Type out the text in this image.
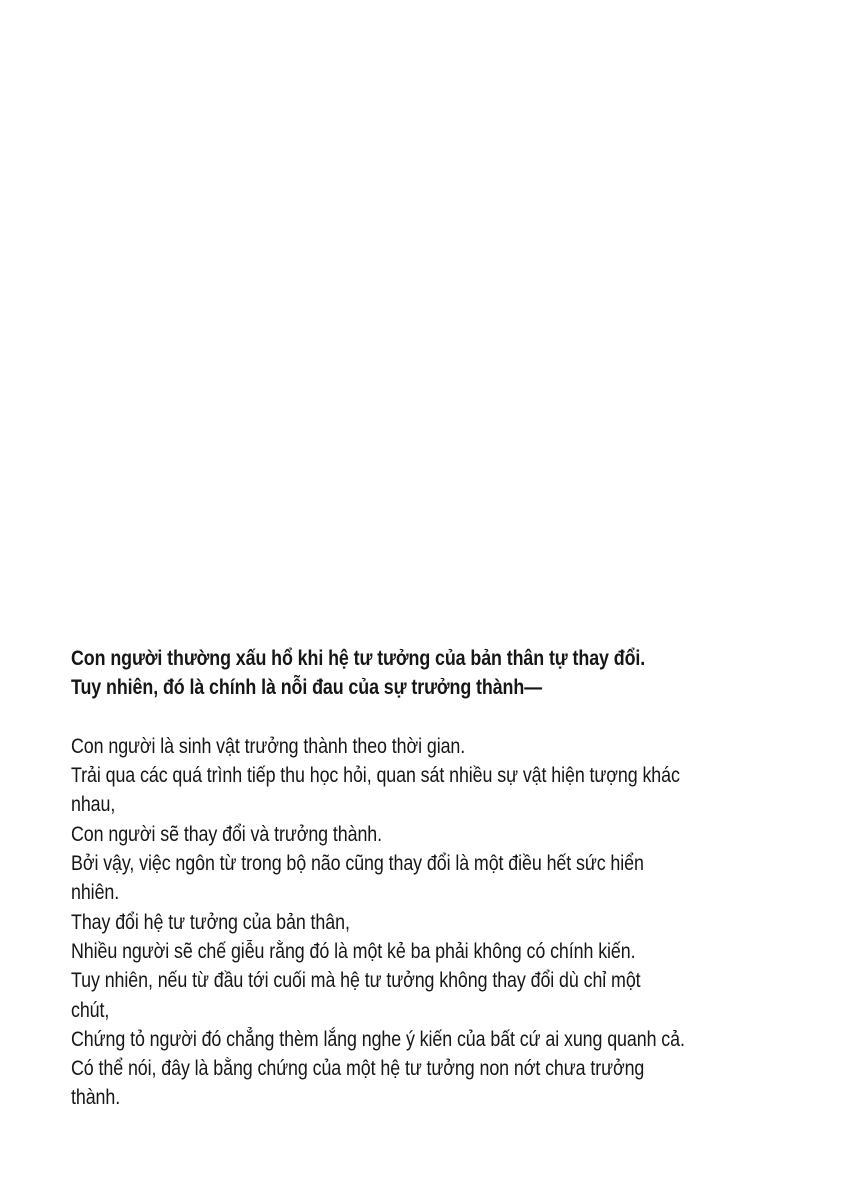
Con người thường xấu hổ khi hệ tư tưởng của bản thân tự thay đổi.
Tuy nhiên, đó là chính là nỗi đau của sự trưởng thành—
Con người là sinh vật trưởng thành theo thời gian.
Trải qua các quá trình tiếp thu học hỏi, quan sát nhiều sự vật hiện tượng khác
nhau,
Con người sẽ thay đổi và trưởng thành.
Bởi vậy, việc ngôn từ trong bộ não cũng thay đổi là một điều hết sức hiển
nhiên.
Thay đổi hệ tư tưởng của bản thân,
Nhiều người sẽ chế giễu rằng đó là một kẻ ba phải không có chính kiến.
Tuy nhiên, nếu từ đầu tới cuối mà hệ tư tưởng không thay đổi dù chỉ một
chút,
Chứng tỏ người đó chẳng thèm lắng nghe ý kiến của bất cứ ai xung quanh cả.
Có thể nói, đây là bằng chứng của một hệ tư tưởng non nớt chưa trưởng
thành.
